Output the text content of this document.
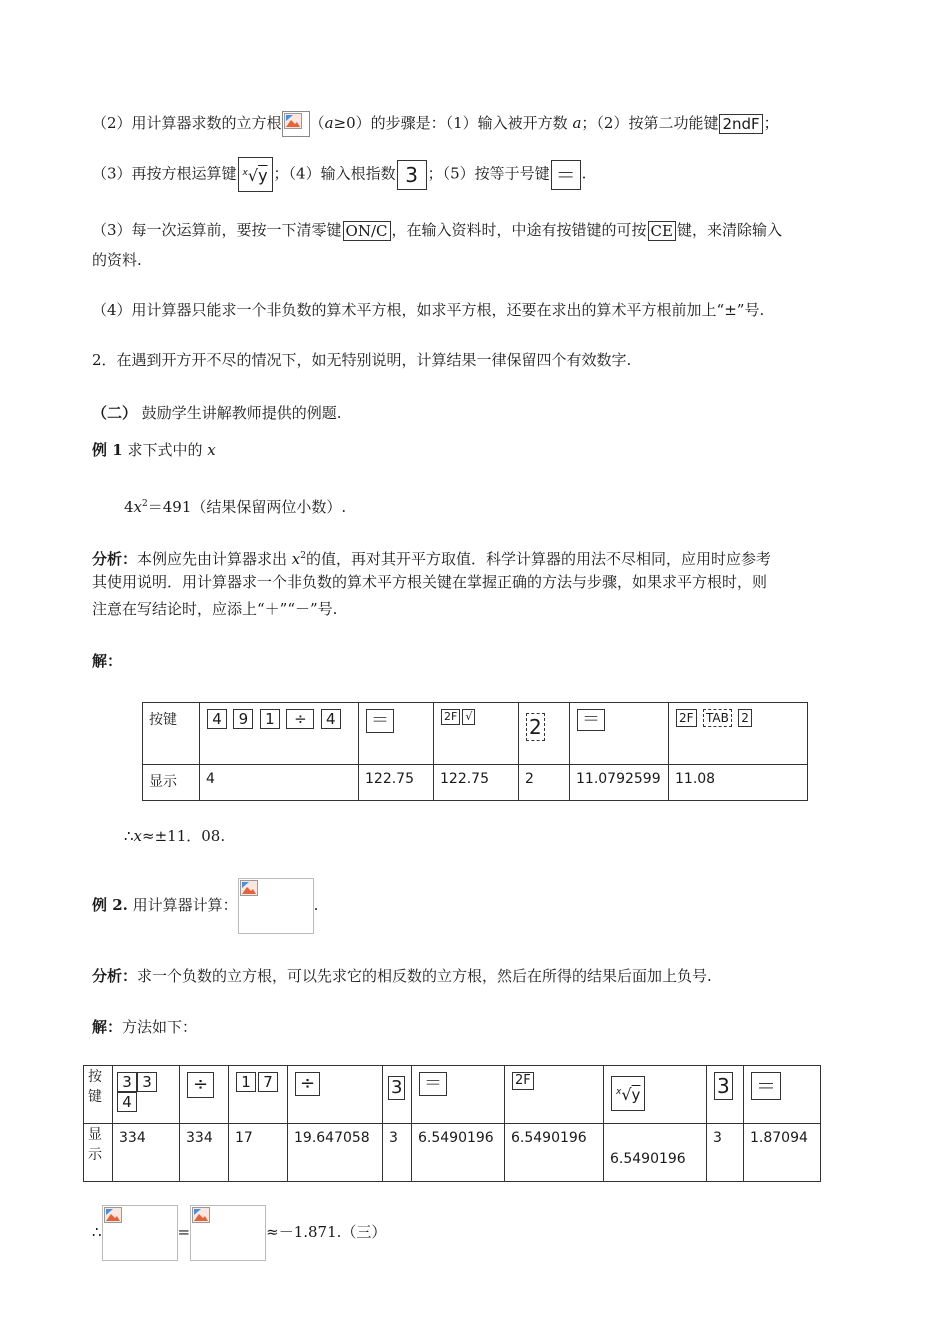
（2）用计算器求数的立方根 （a≥0）的步骤是：（1）输入被开方数 a；（2）按第二功能键 2ndF ；
（3）再按方根运算键 $^x$√y ；（4）输入根指数 3 ；（5）按等于号键 ＝ .
（3）每一次运算前，要按一下清零键 ON/C ，在输入资料时，中途有按错键的可按 CE 键，来清除输入
的资料.
（4）用计算器只能求一个非负数的算术平方根，如求平方根，还要在求出的算术平方根前加上“±”号.
2．在遇到开方开不尽的情况下，如无特别说明，计算结果一律保留四个有效数字.
（二） 鼓励学生讲解教师提供的例题.
例 1 求下式中的 x
$4x^2=491$（结果保留两位小数）.
分析：本例应先由计算器求出 $x^2$的值，再对其开平方取值．科学计算器的用法不尽相同，应用时应参考
其使用说明．用计算器求一个非负数的算术平方根关键在掌握正确的方法与步骤，如果求平方根时，则
注意在写结论时，应添上“＋”“－”号.
解：
按键	4 9 1 ÷ 4	＝	2F √	2	＝	2F TAB 2
显示	4	122.75	122.75	2	11.0792599	11.08
∴x≈±11．08.
例 2. 用计算器计算：	.
分析：求一个负数的立方根，可以先求它的相反数的立方根，然后在所得的结果后面加上负号.
解：方法如下：
按
键	3 34	÷	1 7	÷	3	＝	2F	$^x$√y	3	＝

显
示	334	334	17	19.647058	3	6.5490196	6.5490196	6.5490196	3	1.87094
∴	=	≈－1.871.（三）
